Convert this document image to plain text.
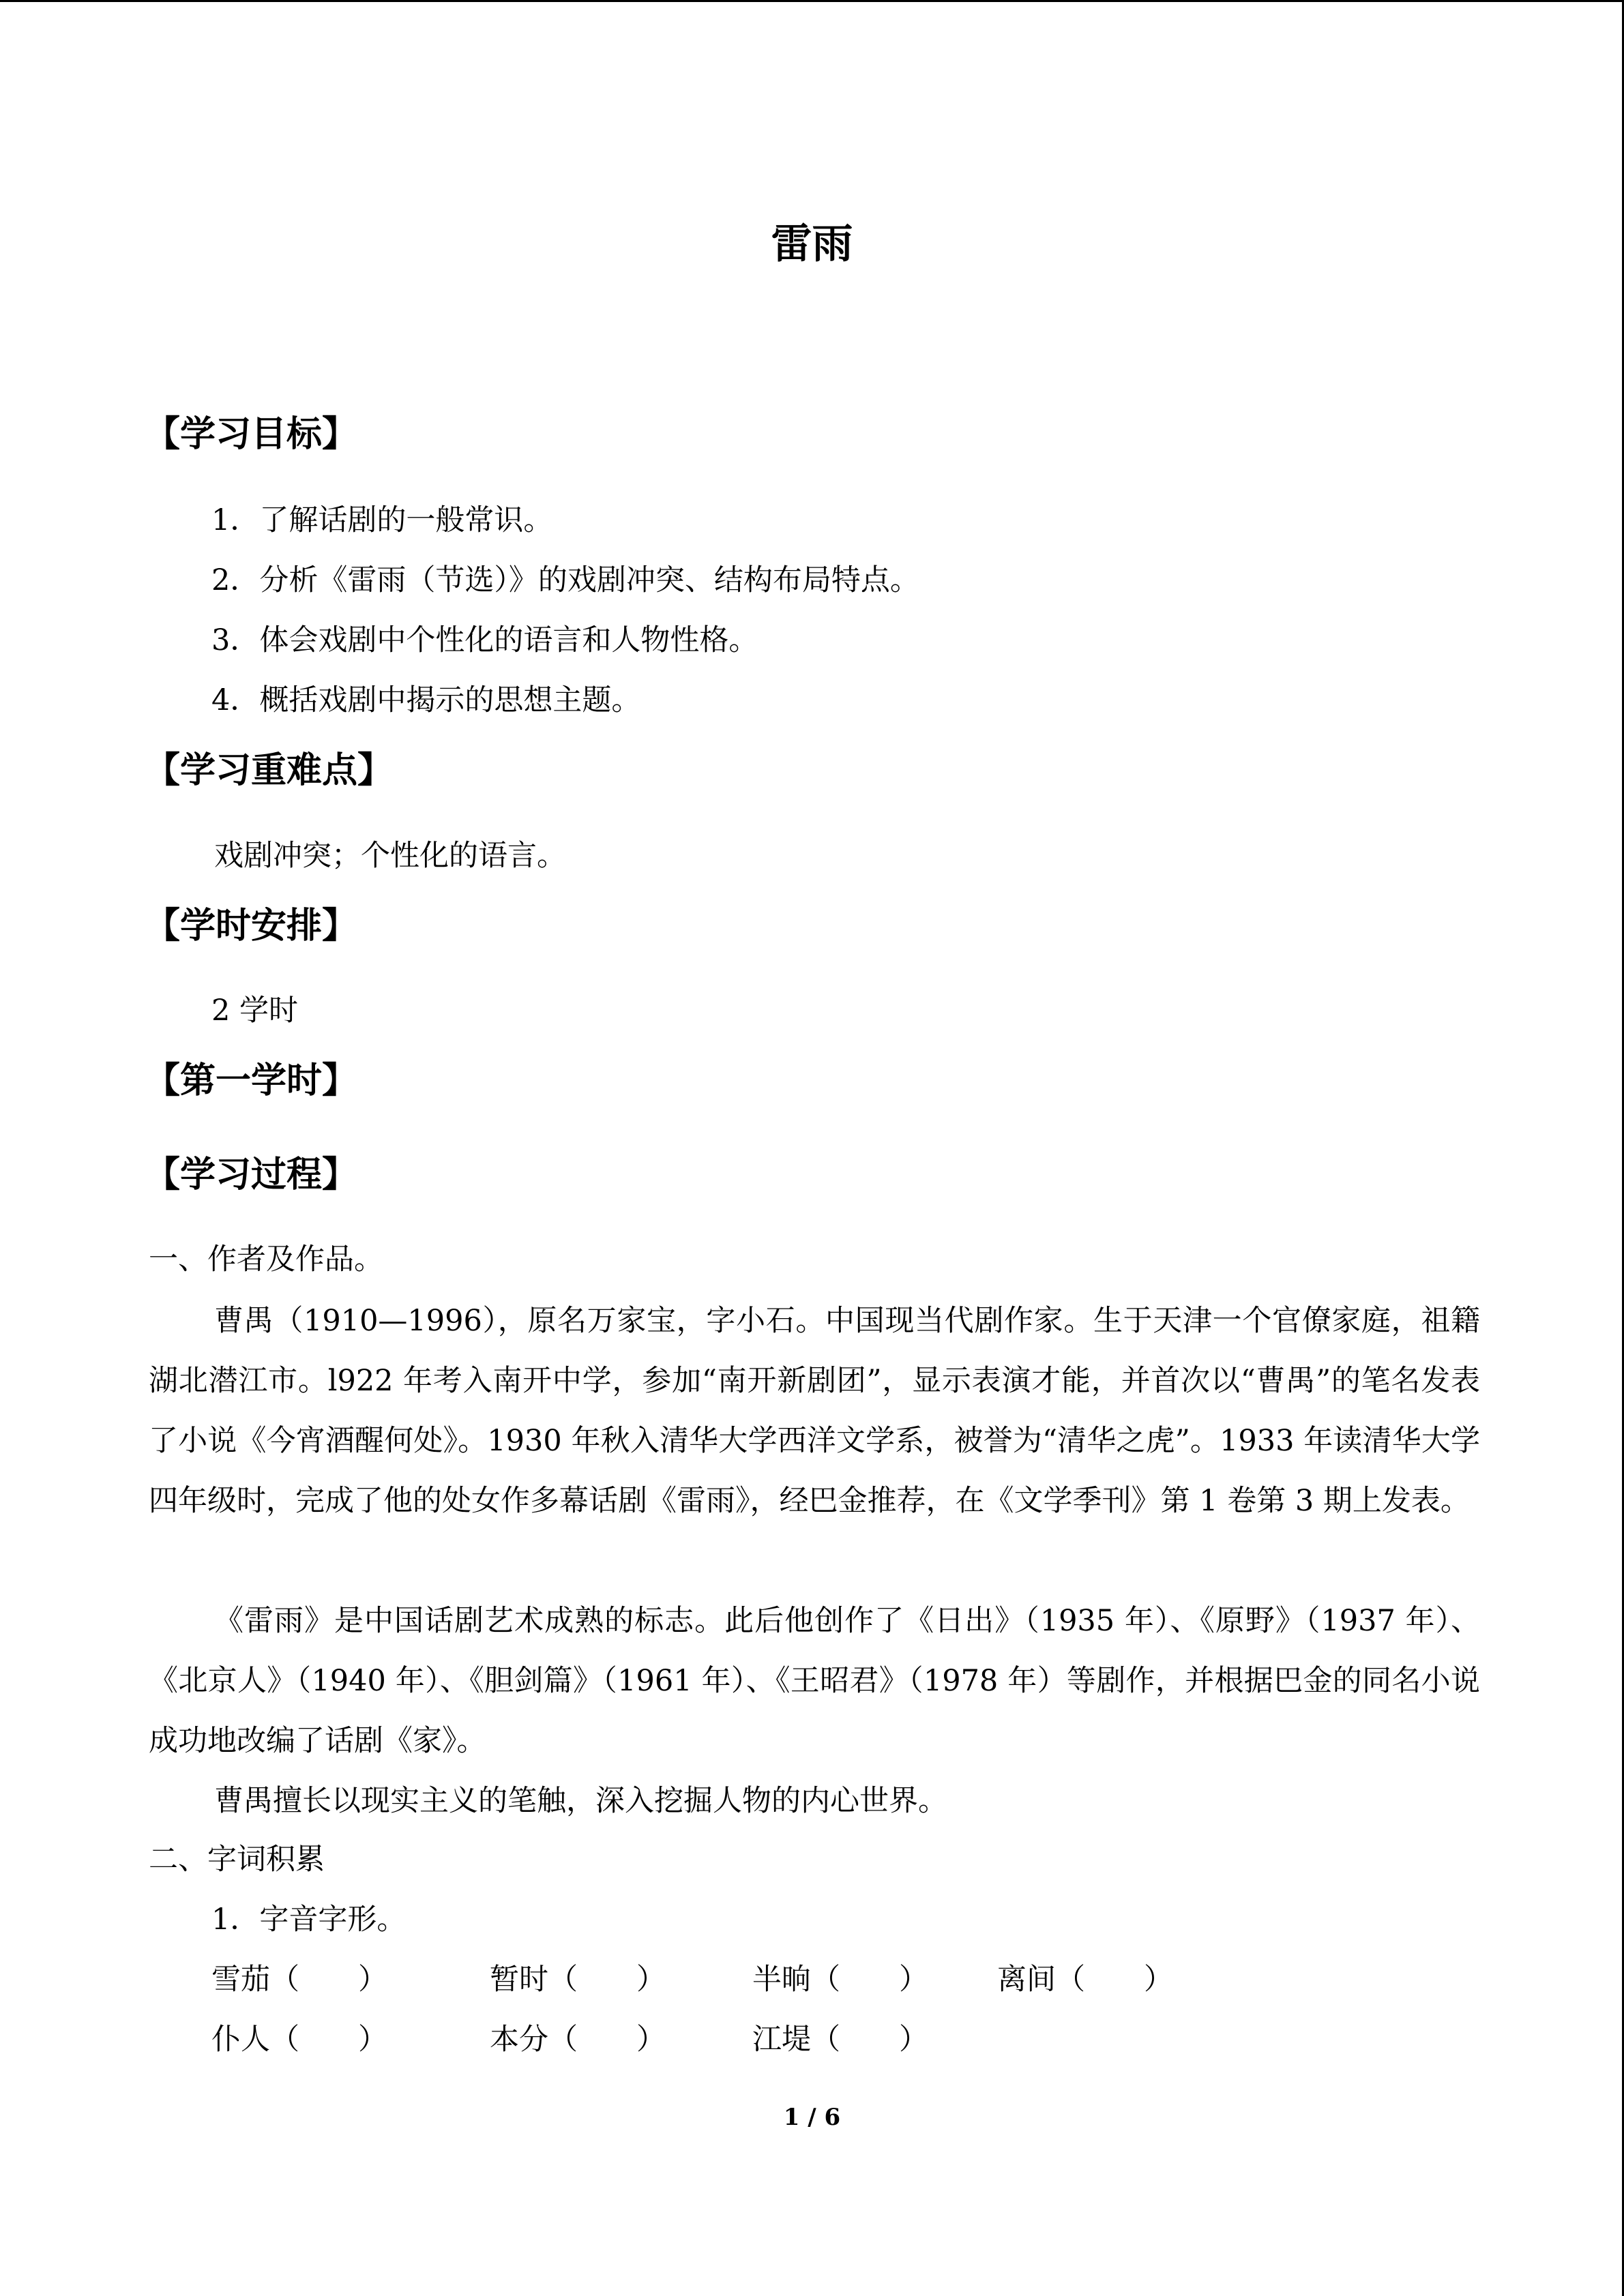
雷雨
【学习目标】
1．了解话剧的一般常识。
2．分析《雷雨（节选）》的戏剧冲突、结构布局特点。
3．体会戏剧中个性化的语言和人物性格。
4．概括戏剧中揭示的思想主题。
【学习重难点】
戏剧冲突；个性化的语言。
【学时安排】
2 学时
【第一学时】
【学习过程】
一、作者及作品。
曹禺（1910—1996），原名万家宝，字小石。中国现当代剧作家。生于天津一个官僚家庭，祖籍湖北潜江市。l922 年考入南开中学，参加“南开新剧团”，显示表演才能，并首次以“曹禺”的笔名发表了小说《今宵酒醒何处》。1930 年秋入清华大学西洋文学系，被誉为“清华之虎”。1933 年读清华大学四年级时，完成了他的处女作多幕话剧《雷雨》，经巴金推荐，在《文学季刊》第 1 卷第 3 期上发表。
《雷雨》是中国话剧艺术成熟的标志。此后他创作了《日出》（1935 年）、《原野》（1937 年）、《北京人》（1940 年）、《胆剑篇》（1961 年）、《王昭君》（1978 年）等剧作，并根据巴金的同名小说成功地改编了话剧《家》。
曹禺擅长以现实主义的笔触，深入挖掘人物的内心世界。
二、字词积累
1．字音字形。
雪茄（　　）	暂时（　　）	半晌（　　） 离间（　　）
仆人（　　）	本分（　　）	江堤（　　）
1 / 6
